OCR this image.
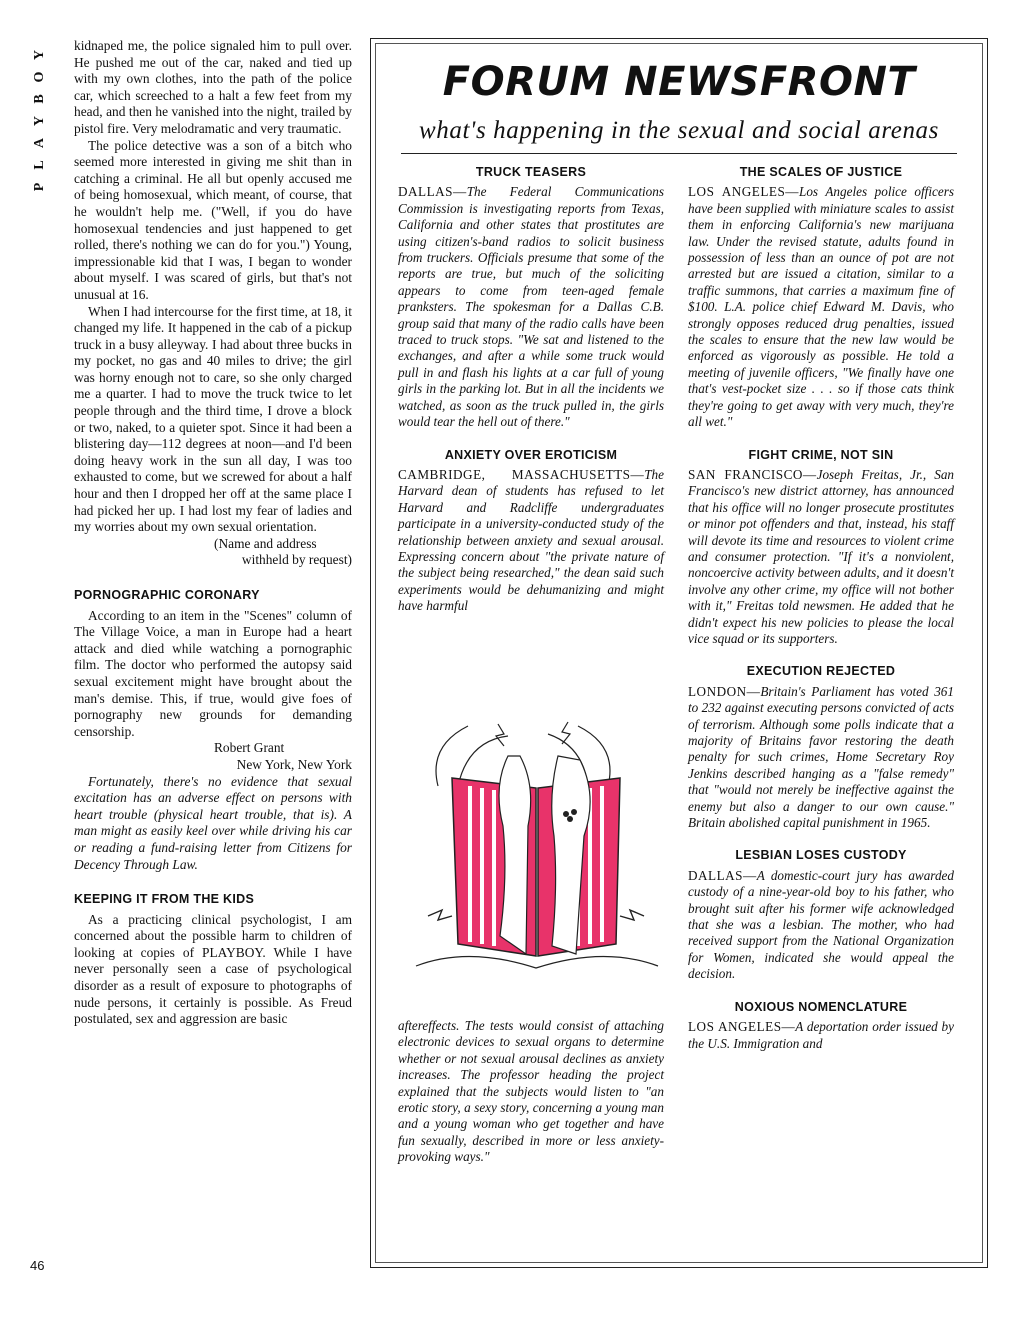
Y
O
B
Y
A
L
P
46

kidnaped me, the police signaled him to pull over. He pushed me out of the car, naked and tied up with my own clothes, into the path of the police car, which screeched to a halt a few feet from my head, and then he vanished into the night, trailed by pistol fire. Very melodramatic and very traumatic.

The police detective was a son of a bitch who seemed more interested in giving me shit than in catching a criminal. He all but openly accused me of being homosexual, which meant, of course, that he wouldn't help me. ("Well, if you do have homosexual tendencies and just happened to get rolled, there's nothing we can do for you.") Young, impressionable kid that I was, I began to wonder about myself. I was scared of girls, but that's not unusual at 16.

When I had intercourse for the first time, at 18, it changed my life. It happened in the cab of a pickup truck in a busy alleyway. I had about three bucks in my pocket, no gas and 40 miles to drive; the girl was horny enough not to care, so she only charged me a quarter. I had to move the truck twice to let people through and the third time, I drove a block or two, naked, to a quieter spot. Since it had been a blistering day—112 degrees at noon—and I'd been doing heavy work in the sun all day, I was too exhausted to come, but we screwed for about a half hour and then I dropped her off at the same place I had picked her up. I had lost my fear of ladies and my worries about my own sexual orientation.

(Name and address

withheld by request)

PORNOGRAPHIC CORONARY

According to an item in the "Scenes" column of The Village Voice, a man in Europe had a heart attack and died while watching a pornographic film. The doctor who performed the autopsy said sexual excitement might have brought about the man's demise. This, if true, would give foes of pornography new grounds for demanding censorship.

Robert Grant

New York, New York

Fortunately, there's no evidence that sexual excitation has an adverse effect on persons with heart trouble (physical heart trouble, that is). A man might as easily keel over while driving his car or reading a fund-raising letter from Citizens for Decency Through Law.

KEEPING IT FROM THE KIDS

As a practicing clinical psychologist, I am concerned about the possible harm to children of looking at copies of PLAYBOY. While I have never personally seen a case of psychological disorder as a result of exposure to photographs of nude persons, it certainly is possible. As Freud postulated, sex and aggression are basic

FORUM NEWSFRONT
what's happening in the sexual and social arenas
TRUCK TEASERS

DALLAS—The Federal Communications Commission is investigating reports from Texas, California and other states that prostitutes are using citizen's-band radios to solicit business from truckers. Officials presume that some of the reports are true, but much of the soliciting appears to come from teen-aged female pranksters. The spokesman for a Dallas C.B. group said that many of the radio calls have been traced to truck stops. "We sat and listened to the exchanges, and after a while some truck would pull in and flash his lights at a car full of young girls in the parking lot. But in all the incidents we watched, as soon as the truck pulled in, the girls would tear the hell out of there."

ANXIETY OVER EROTICISM

CAMBRIDGE, MASSACHUSETTS—The Harvard dean of students has refused to let Harvard and Radcliffe undergraduates participate in a university-conducted study of the relationship between anxiety and sexual arousal. Expressing concern about "the private nature of the subject being researched," the dean said such experiments would be dehumanizing and might have harmful

aftereffects. The tests would consist of attaching electronic devices to sexual organs to determine whether or not sexual arousal declines as anxiety increases. The professor heading the project explained that the subjects would listen to "an erotic story, a sexy story, concerning a young man and a young woman who get together and have fun sexually, described in more or less anxiety-provoking ways."

THE SCALES OF JUSTICE

LOS ANGELES—Los Angeles police officers have been supplied with miniature scales to assist them in enforcing California's new marijuana law. Under the revised statute, adults found in possession of less than an ounce of pot are not arrested but are issued a citation, similar to a traffic summons, that carries a maximum fine of $100. L.A. police chief Edward M. Davis, who strongly opposes reduced drug penalties, issued the scales to ensure that the new law would be enforced as vigorously as possible. He told a meeting of juvenile officers, "We finally have one that's vest-pocket size . . . so if those cats think they're going to get away with very much, they're all wet."

FIGHT CRIME, NOT SIN

SAN FRANCISCO—Joseph Freitas, Jr., San Francisco's new district attorney, has announced that his office will no longer prosecute prostitutes or minor pot offenders and that, instead, his staff will devote its time and resources to violent crime and consumer protection. "If it's a nonviolent, noncoercive activity between adults, and it doesn't involve any other crime, my office will not bother with it," Freitas told newsmen. He added that he didn't expect his new policies to please the local vice squad or its supporters.

EXECUTION REJECTED

LONDON—Britain's Parliament has voted 361 to 232 against executing persons convicted of acts of terrorism. Although some polls indicate that a majority of Britains favor restoring the death penalty for such crimes, Home Secretary Roy Jenkins described hanging as a "false remedy" that "would not merely be ineffective against the enemy but also a danger to our own cause." Britain abolished capital punishment in 1965.

LESBIAN LOSES CUSTODY

DALLAS—A domestic-court jury has awarded custody of a nine-year-old boy to his father, who brought suit after his former wife acknowledged that she was a lesbian. The mother, who had received support from the National Organization for Women, indicated she would appeal the decision.

NOXIOUS NOMENCLATURE

LOS ANGELES—A deportation order issued by the U.S. Immigration and
